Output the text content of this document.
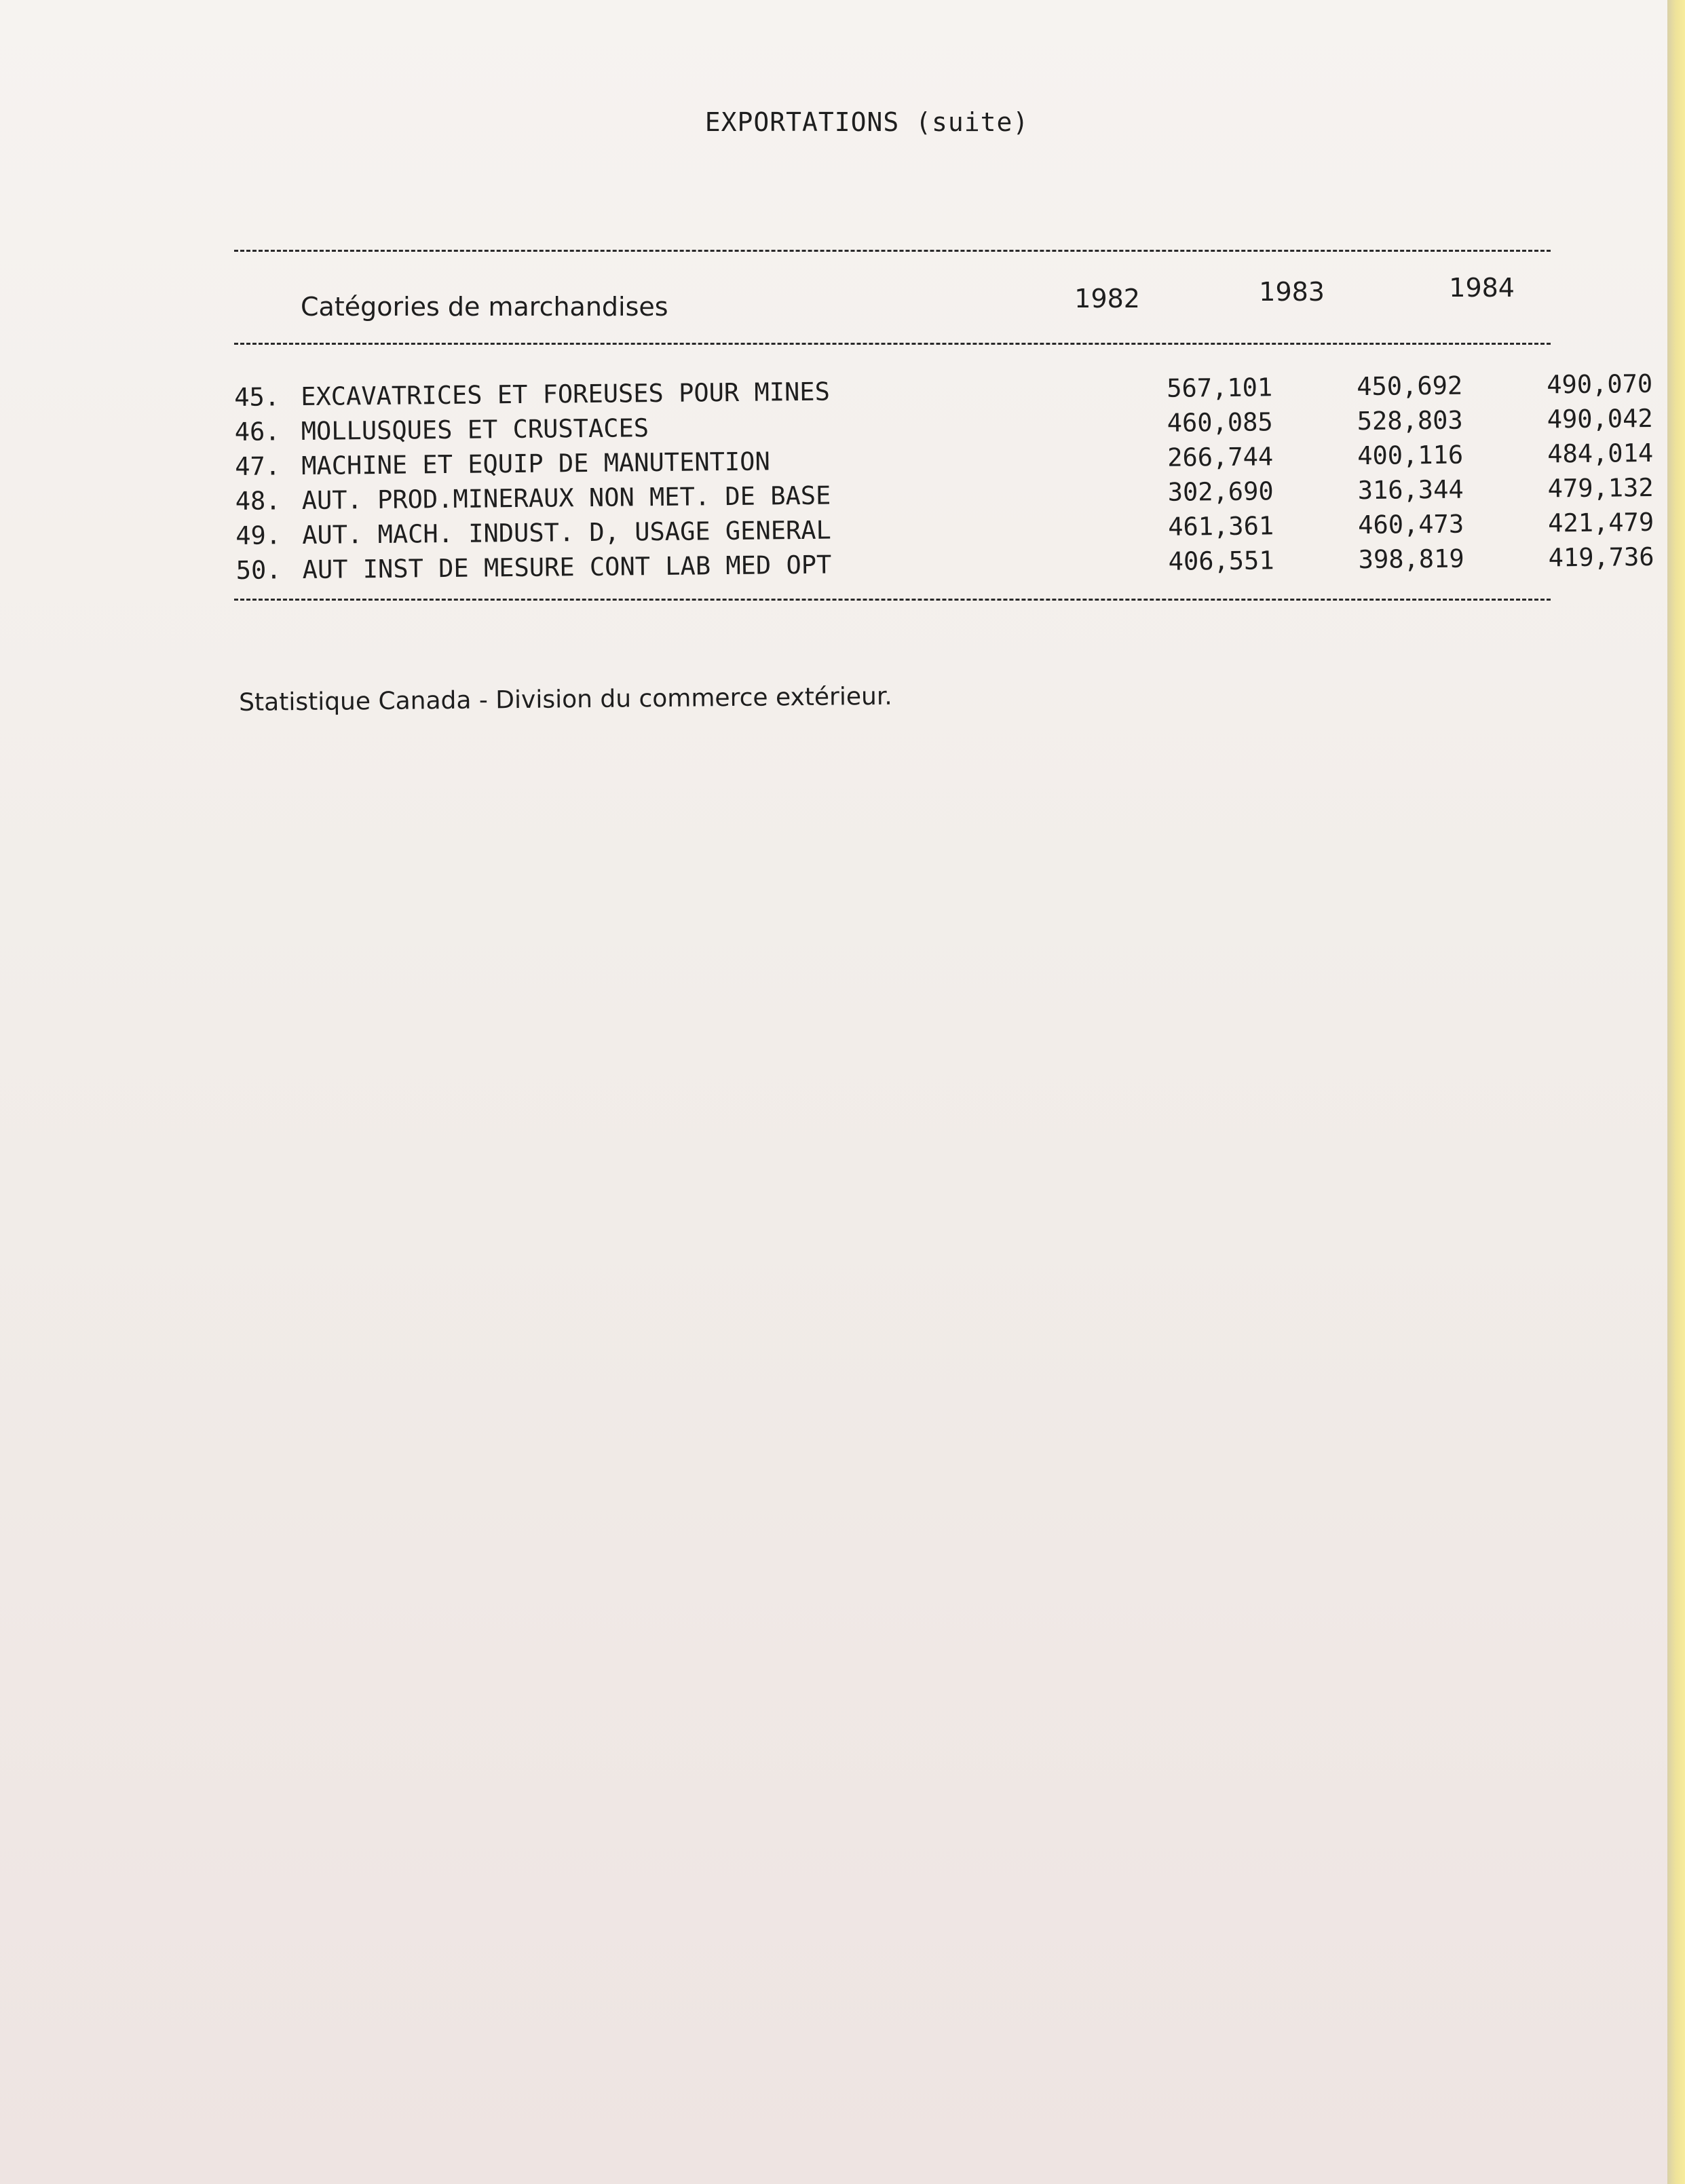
EXPORTATIONS (suite)
Catégories de marchandises	1982	1983	1984
45. EXCAVATRICES ET FOREUSES POUR MINES	567,101	450,692	490,070
46. MOLLUSQUES ET CRUSTACES	460,085	528,803	490,042
47. MACHINE ET EQUIP DE MANUTENTION	266,744	400,116	484,014
48. AUT. PROD.MINERAUX NON MET. DE BASE	302,690	316,344	479,132
49. AUT. MACH. INDUST. D, USAGE GENERAL	461,361	460,473	421,479
50. AUT INST DE MESURE CONT LAB MED OPT	406,551	398,819	419,736
Statistique Canada - Division du commerce extérieur.
